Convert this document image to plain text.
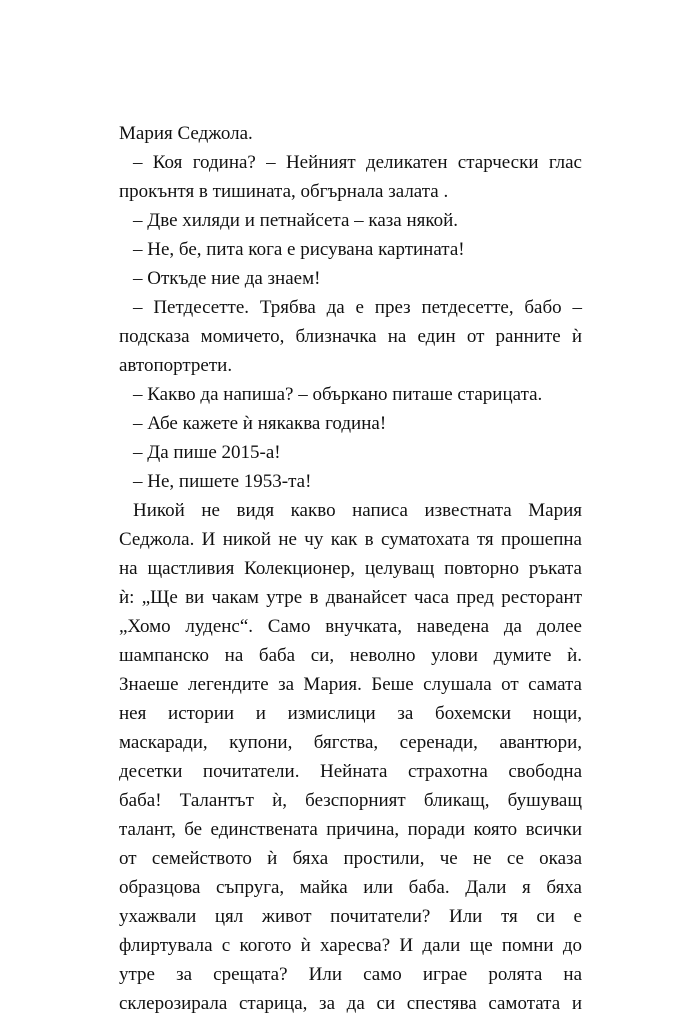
Мария Седжола.
– Коя година? – Нейният деликатен старчески глас
прокънтя в тишината, обгърнала залата .
– Две хиляди и петнайсета – каза някой.
– Не, бе, пита кога е рисувана картината!
– Откъде ние да знаем!
– Петдесетте. Трябва да е през петдесетте, бабо –
подсказа момичето, близначка на един от ранните ѝ
автопортрети.
– Какво да напиша? – объркано питаше старицата.
– Абе кажете ѝ някаква година!
– Да пише 2015-а!
– Не, пишете 1953-та!
Никой не видя какво написа известната Мария
Седжола. И никой не чу как в суматохата тя прошепна
на щастливия Колекционер, целуващ повторно ръката
ѝ: „Ще ви чакам утре в дванайсет часа пред ресторант
„Хомо луденс“. Само внучката, наведена да долее
шампанско на баба си, неволно улови думите ѝ.
Знаеше легендите за Мария. Беше слушала от самата
нея истории и измислици за бохемски нощи,
маскаради, купони, бягства, серенади, авантюри,
десетки почитатели. Нейната страхотна свободна
баба! Талантът ѝ, безспорният бликащ, бушуващ
талант, бе единствената причина, поради която всички
от семейството ѝ бяха простили, че не се оказа
образцова съпруга, майка или баба. Дали я бяха
ухажвали цял живот почитатели? Или тя си е
флиртувала с когото ѝ харесва? И дали ще помни до
утре за срещата? Или само играе ролята на
склерозирала старица, за да си спестява самотата и
